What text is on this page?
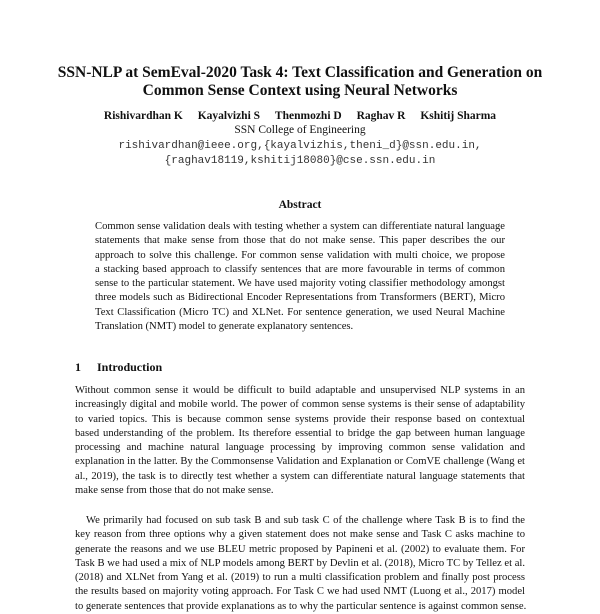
SSN-NLP at SemEval-2020 Task 4: Text Classification and Generation on
Common Sense Context using Neural Networks
Rishivardhan K Kayalvizhi S Thenmozhi D Raghav R Kshitij Sharma
SSN College of Engineering
rishivardhan@ieee.org,{kayalvizhis,theni_d}@ssn.edu.in,
{raghav18119,kshitij18080}@cse.ssn.edu.in
Abstract
Common sense validation deals with testing whether a system can differentiate natural language
statements that make sense from those that do not make sense. This paper describes the our
approach to solve this challenge. For common sense validation with multi choice, we propose
a stacking based approach to classify sentences that are more favourable in terms of common
sense to the particular statement. We have used majority voting classifier methodology amongst
three models such as Bidirectional Encoder Representations from Transformers (BERT), Micro
Text Classification (Micro TC) and XLNet. For sentence generation, we used Neural Machine
Translation (NMT) model to generate explanatory sentences.
1 Introduction
Without common sense it would be difficult to build adaptable and unsupervised NLP systems in an
increasingly digital and mobile world. The power of common sense systems is their sense of adaptability
to varied topics. This is because common sense systems provide their response based on contextual
based understanding of the problem. Its therefore essential to bridge the gap between human language
processing and machine natural language processing by improving common sense validation and
explanation in the latter. By the Commonsense Validation and Explanation or ComVE challenge (Wang et
al., 2019), the task is to directly test whether a system can differentiate natural language statements that
make sense from those that do not make sense.
We primarily had focused on sub task B and sub task C of the challenge where Task B is to find the
key reason from three options why a given statement does not make sense and Task C asks machine to
generate the reasons and we use BLEU metric proposed by Papineni et al. (2002) to evaluate them. For
Task B we had used a mix of NLP models among BERT by Devlin et al. (2018), Micro TC by Tellez et al.
(2018) and XLNet from Yang et al. (2019) to run a multi classification problem and finally post process
the results based on majority voting approach. For Task C we had used NMT (Luong et al., 2017) model
to generate sentences that provide explanations as to why the particular sentence is against common sense.
